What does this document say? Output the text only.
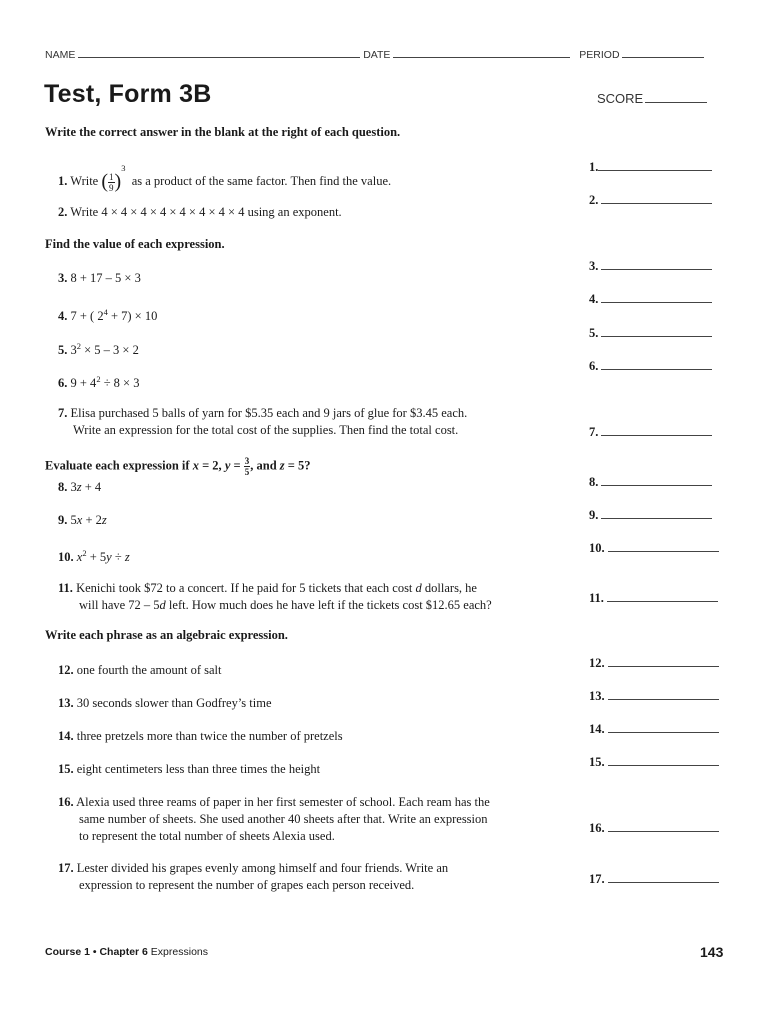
NAME	DATE	PERIOD
Test, Form 3B	SCORE
Write the correct answer in the blank at the right of each question.
1. Write ( $\frac{1}{9} )^3$  as a product of the same factor. Then find the value.
2. Write 4 × 4 × 4 × 4 × 4 × 4 × 4 × 4 using an exponent.
Find the value of each expression.
3. 8 + 17 – 5 × 3
4. 7 + ( $2^4 + 7) \times 10$
5. $3^2 \times 5 - 3 \times 2$
6. $9 + 4^2 \div 8 \times 3$
7. Elisa purchased 5 balls of yarn for $5.35 each and 9 jars of glue for $3.45 each.
Write an expression for the total cost of the supplies. Then find the total cost.
Evaluate each expression if x = 2, $y = \frac{3}{5}$ , and z = 5?
8. 3z + 4
9. 5x + 2z
10. $x^2 + 5y \div z$
11. Kenichi took $72 to a concert. If he paid for 5 tickets that each cost d dollars, he
will have 72 – 5d left. How much does he have left if the tickets cost $12.65 each?
Write each phrase as an algebraic expression.
12. one fourth the amount of salt
13. 30 seconds slower than Godfrey’s time
14. three pretzels more than twice the number of pretzels
15. eight centimeters less than three times the height
16. Alexia used three reams of paper in her first semester of school. Each ream has the
same number of sheets. She used another 40 sheets after that. Write an expression
to represent the total number of sheets Alexia used.
17. Lester divided his grapes evenly among himself and four friends. Write an
expression to represent the number of grapes each person received.
1.
2.
3.
4.
5.
6.
7.
8.
9.
10.
11.
12.
13.
14.
15.
16.
17.
Course 1 • Chapter 6 Expressions	143
